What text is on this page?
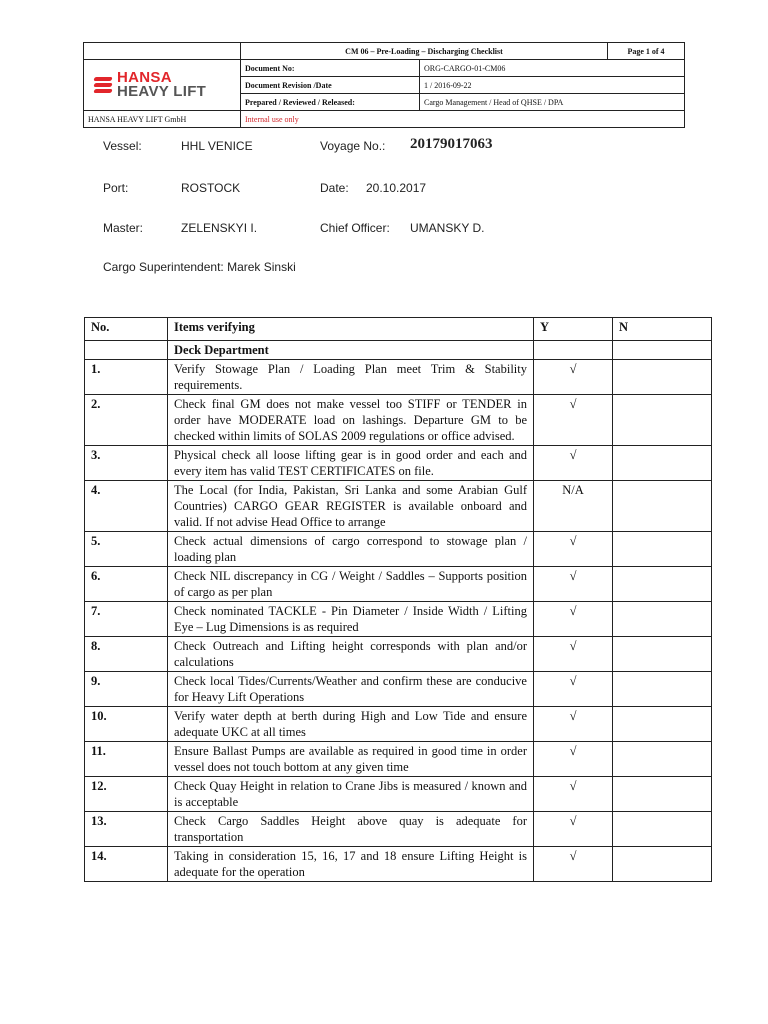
	CM 06 – Pre-Loading – Discharging Checklist		Page 1 of 4

HANSA
HEAVY LIFT	Document No:	ORG-CARGO-01-CM06	
	Document Revision /Date	1 / 2016-09-22	
	Prepared / Reviewed / Released:	Cargo Management / Head of QHSE / DPA	
HANSA HEAVY LIFT GmbH	Internal use only		
Vessel:	HHL VENICE	Voyage No.: 20179017063
Port:	ROSTOCK	Date: 20.10.2017
Master:	ZELENSKYI I.	Chief Officer: UMANSKY D.
Cargo Superintendent: Marek Sinski
No.	Items verifying	Y	N
	Deck Department		
1.	Verify Stowage Plan / Loading Plan meet Trim & Stability requirements.	√	
2.	Check final GM does not make vessel too STIFF or TENDER in order have MODERATE load on lashings. Departure GM to be checked within limits of SOLAS 2009 regulations or office advised.	√	
3.	Physical check all loose lifting gear is in good order and each and every item has valid TEST CERTIFICATES on file.	√	
4.	The Local (for India, Pakistan, Sri Lanka and some Arabian Gulf Countries) CARGO GEAR REGISTER is available onboard and valid. If not advise Head Office to arrange	N/A	
5.	Check actual dimensions of cargo correspond to stowage plan / loading plan	√	
6.	Check NIL discrepancy in CG / Weight / Saddles – Supports position of cargo as per plan	√	
7.	Check nominated TACKLE - Pin Diameter / Inside Width / Lifting Eye – Lug Dimensions is as required	√	
8.	Check Outreach and Lifting height corresponds with plan and/or calculations	√	
9.	Check local Tides/Currents/Weather and confirm these are conducive for Heavy Lift Operations	√	
10.	Verify water depth at berth during High and Low Tide and ensure adequate UKC at all times	√	
11.	Ensure Ballast Pumps are available as required in good time in order vessel does not touch bottom at any given time	√	
12.	Check Quay Height in relation to Crane Jibs is measured / known and is acceptable	√	
13.	Check Cargo Saddles Height above quay is adequate for transportation	√	
14.	Taking in consideration 15, 16, 17 and 18 ensure Lifting Height is adequate for the operation	√	
